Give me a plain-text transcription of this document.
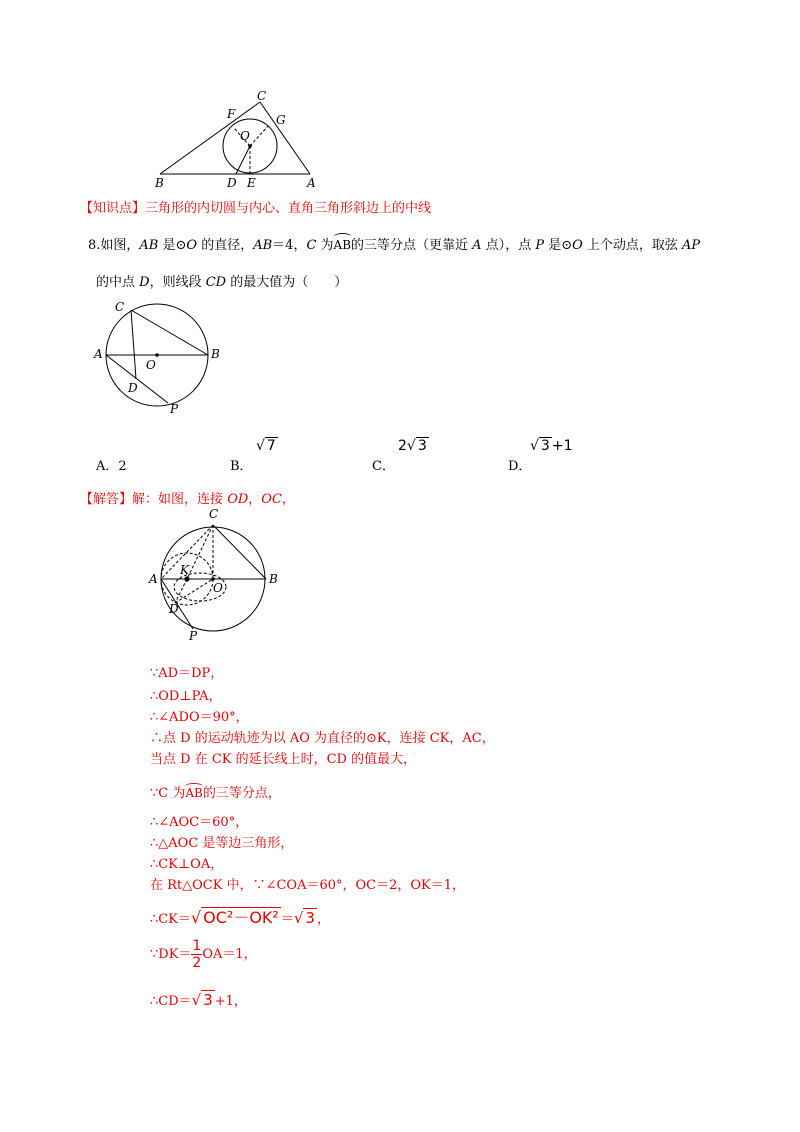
C
F	G
O
B	D E	A
【知识点】三角形的内切圆与内心、直角三角形斜边上的中线
8.如图，AB 是⊙O 的直径，AB＝4，C 为AB的三等分点（更靠近 A 点），点 P 是⊙O 上个动点，取弦 AP
的中点 D，则线段 CD 的最大值为（　　）
C
A
O
B
D
P
A．2	B．
√ 7
C．
2√ 3
D．
√ 3 +1
【解答】解：如图，连接 OD，OC，
C
A
K
O
B
D
P
∵AD＝DP，
∴OD⊥PA，
∴∠ADO＝90°，
∴点 D 的运动轨迹为以 AO 为直径的⊙K，连接 CK，AC，
当点 D 在 CK 的延长线上时，CD 的值最大，
∵C 为AB的三等分点，
∴∠AOC＝60°，
∴△AOC 是等边三角形，
∴CK⊥OA，
在 Rt△OCK 中，∵∠COA＝60°，OC＝2，OK＝1，
∴CK＝√ OC²－OK² ＝√ 3 ，
∵DK＝ $\frac{1}{2} OA=1$，
∴CD＝√ 3 +1，
